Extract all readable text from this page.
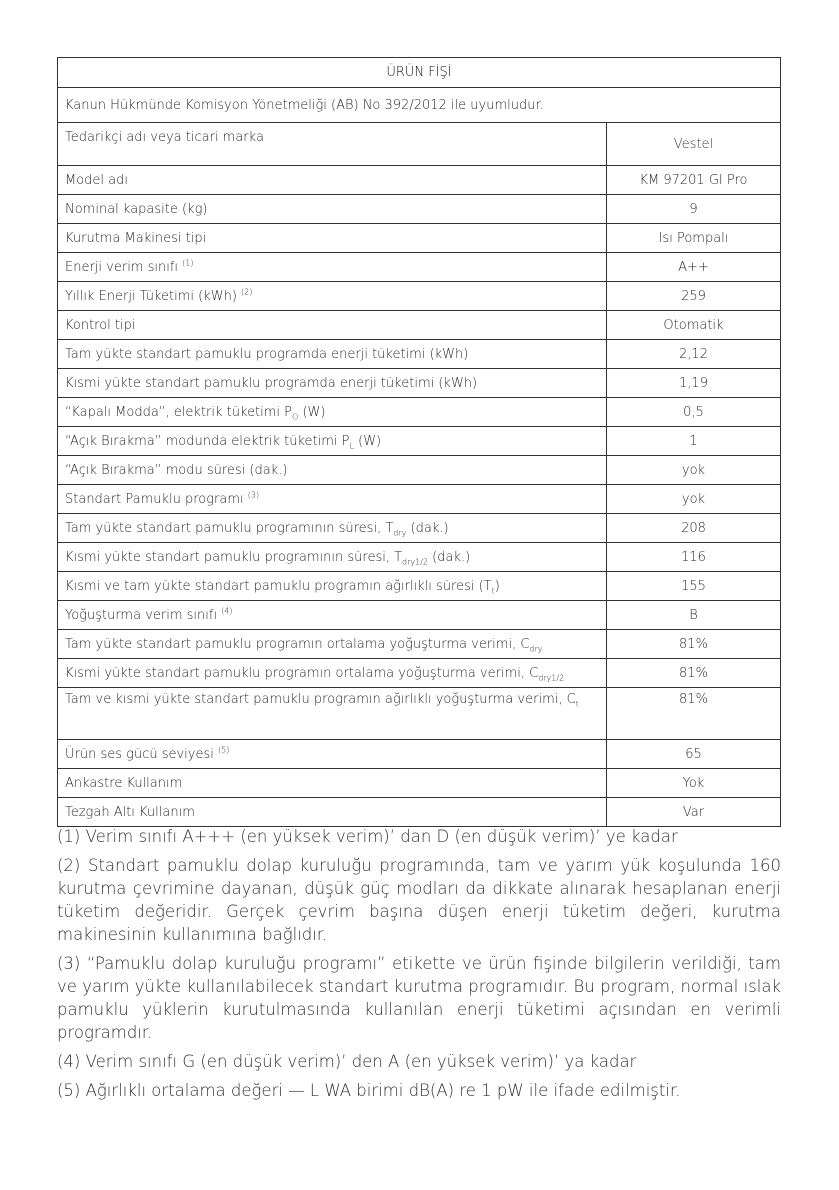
ÜRÜN FİŞİ	
Kanun Hükmünde Komisyon Yönetmeliği (AB) No 392/2012 ile uyumludur.	
Tedarikçi adı veya ticari marka	Vestel
Model adı	KM 97201 GI Pro
Nominal kapasite (kg)	9
Kurutma Makinesi tipi	Isı Pompalı
Enerji verim sınıfı $^{(1)}$	A++
Yıllık Enerji Tüketimi (kWh) $^{(2)}$	259
Kontrol tipi	Otomatik
Tam yükte standart pamuklu programda enerji tüketimi (kWh)	2,12
Kısmi yükte standart pamuklu programda enerji tüketimi (kWh)	1,19
“Kapalı Modda”, elektrik tüketimi $P_O$ (W)	0,5
“Açık Bırakma” modunda elektrik tüketimi $P_L$ (W)	1
“Açık Bırakma” modu süresi (dak.)	yok
Standart Pamuklu programı $^{(3)}$	yok
Tam yükte standart pamuklu programının süresi, $T_{dry}$ (dak.)	208
Kısmi yükte standart pamuklu programının süresi, $T_{dry1/2}$ (dak.)	116
Kısmi ve tam yükte standart pamuklu programın ağırlıklı süresi $(T_t)$	155
Yoğuşturma verim sınıfı $^{(4)}$	B
Tam yükte standart pamuklu programın ortalama yoğuşturma verimi, $C_{dry}$	81%
Kısmi yükte standart pamuklu programın ortalama yoğuşturma verimi, $C_{dry1/2}$	81%
Tam ve kısmi yükte standart pamuklu programın ağırlıklı yoğuşturma verimi, $C_t$	81%
Ürün ses gücü seviyesi $^{(5)}$	65
Ankastre Kullanım	Yok
Tezgah Altı Kullanım	Var

(1) Verim sınıfı A+++ (en yüksek verim)’ dan D (en düşük verim)’ ye kadar

(2) Standart pamuklu dolap kuruluğu programında, tam ve yarım yük koşulunda 160 kurutma çevrimine dayanan, düşük güç modları da dikkate alınarak hesaplanan enerji tüketim değeridir. Gerçek çevrim başına düşen enerji tüketim değeri, kurutma makinesinin kullanımına bağlıdır.

(3) “Pamuklu dolap kuruluğu programı” etikette ve ürün fişinde bilgilerin verildiği, tam ve yarım yükte kullanılabilecek standart kurutma programıdır. Bu program, normal ıslak pamuklu yüklerin kurutulmasında kullanılan enerji tüketimi açısından en verimli programdır.

(4) Verim sınıfı G (en düşük verim)’ den A (en yüksek verim)’ ya kadar

(5) Ağırlıklı ortalama değeri — L WA birimi dB(A) re 1 pW ile ifade edilmiştir.
